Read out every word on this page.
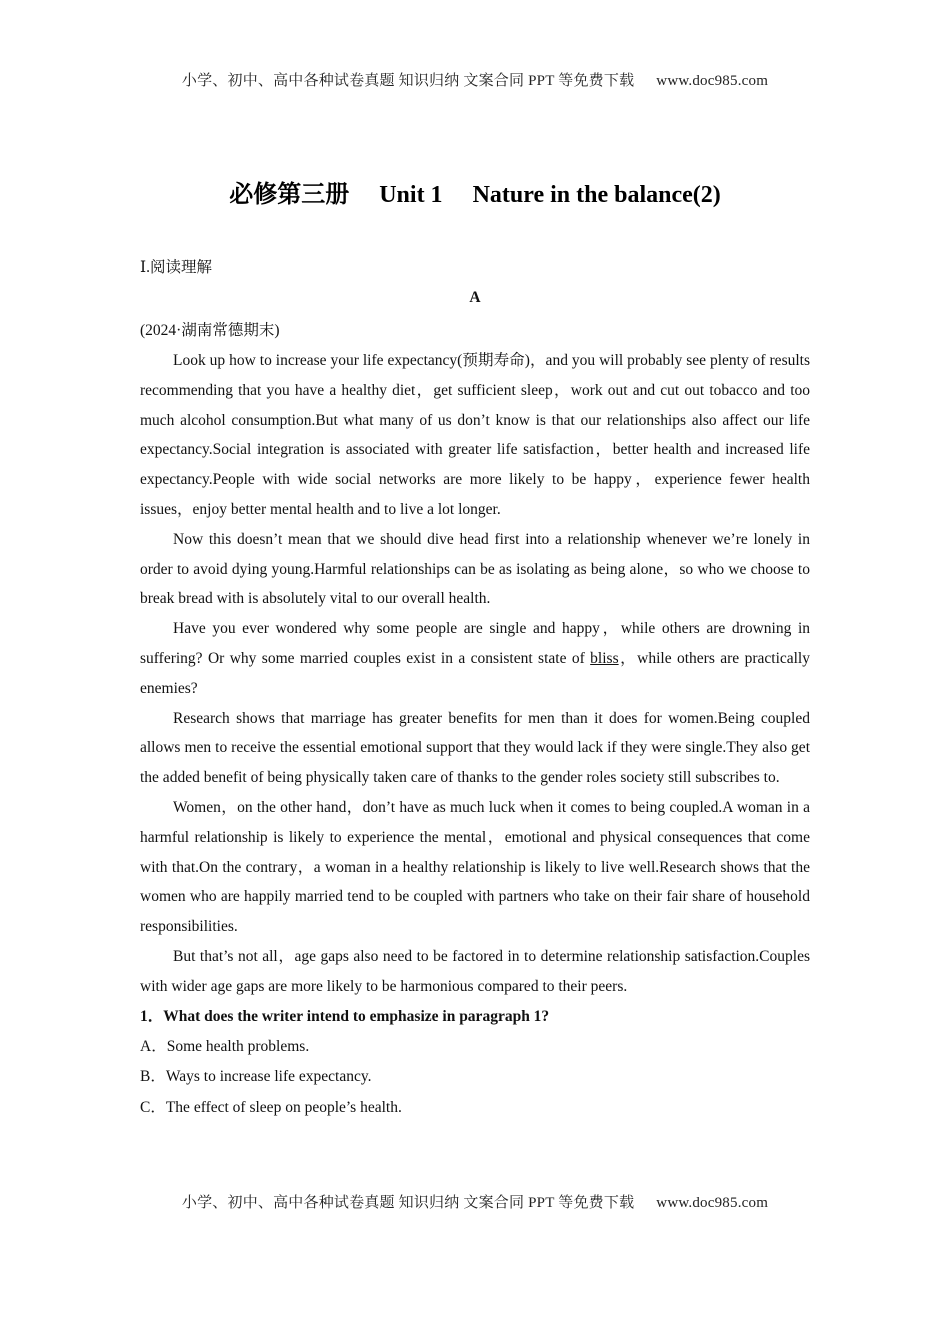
小学、初中、高中各种试卷真题 知识归纳 文案合同 PPT 等免费下载 www.doc985.com
必修第三册 Unit 1 Nature in the balance(2)

Ⅰ.阅读理解

A

(2024·湖南常德期末)

Look up how to increase your life expectancy(预期寿命)，and you will probably see plenty of results recommending that you have a healthy diet，get sufficient sleep，work out and cut out tobacco and too much alcohol consumption.But what many of us don’t know is that our relationships also affect our life expectancy.Social integration is associated with greater life satisfaction，better health and increased life expectancy.People with wide social networks are more likely to be happy，experience fewer health issues，enjoy better mental health and to live a lot longer.

Now this doesn’t mean that we should dive head first into a relationship whenever we’re lonely in order to avoid dying young.Harmful relationships can be as isolating as being alone，so who we choose to break bread with is absolutely vital to our overall health.

Have you ever wondered why some people are single and happy，while others are drowning in suffering? Or why some married couples exist in a consistent state of bliss，while others are practically enemies?

Research shows that marriage has greater benefits for men than it does for women.Being coupled allows men to receive the essential emotional support that they would lack if they were single.They also get the added benefit of being physically taken care of thanks to the gender roles society still subscribes to.

Women，on the other hand，don’t have as much luck when it comes to being coupled.A woman in a harmful relationship is likely to experience the mental，emotional and physical consequences that come with that.On the contrary，a woman in a healthy relationship is likely to live well.Research shows that the women who are happily married tend to be coupled with partners who take on their fair share of household responsibilities.

But that’s not all，age gaps also need to be factored in to determine relationship satisfaction.Couples with wider age gaps are more likely to be harmonious compared to their peers.

1．What does the writer intend to emphasize in paragraph 1?

A．Some health problems.

B．Ways to increase life expectancy.

C．The effect of sleep on people’s health.

小学、初中、高中各种试卷真题 知识归纳 文案合同 PPT 等免费下载 www.doc985.com
